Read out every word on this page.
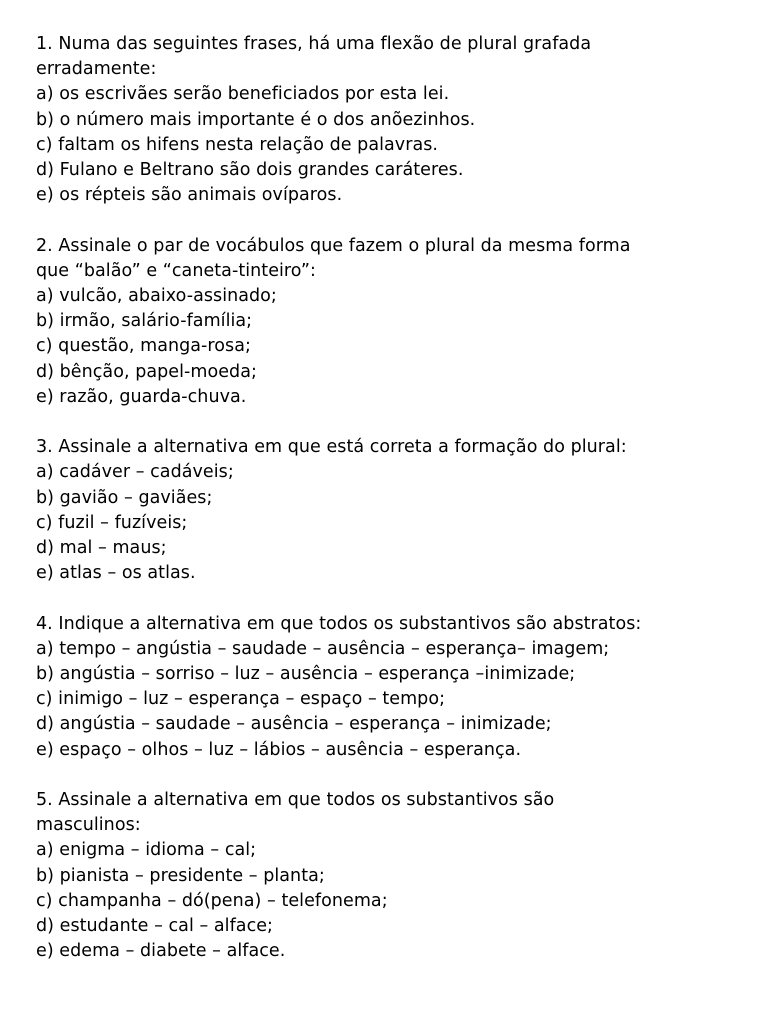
1. Numa das seguintes frases, há uma flexão de plural grafada
erradamente:
a) os escrivães serão beneficiados por esta lei.
b) o número mais importante é o dos anõezinhos.
c) faltam os hifens nesta relação de palavras.
d) Fulano e Beltrano são dois grandes caráteres.
e) os répteis são animais ovíparos.
2. Assinale o par de vocábulos que fazem o plural da mesma forma
que “balão” e “caneta-tinteiro”:
a) vulcão, abaixo-assinado;
b) irmão, salário-família;
c) questão, manga-rosa;
d) bênção, papel-moeda;
e) razão, guarda-chuva.
3. Assinale a alternativa em que está correta a formação do plural:
a) cadáver – cadáveis;
b) gavião – gaviães;
c) fuzil – fuzíveis;
d) mal – maus;
e) atlas – os atlas.
4. Indique a alternativa em que todos os substantivos são abstratos:
a) tempo – angústia – saudade – ausência – esperança– imagem;
b) angústia – sorriso – luz – ausência – esperança –inimizade;
c) inimigo – luz – esperança – espaço – tempo;
d) angústia – saudade – ausência – esperança – inimizade;
e) espaço – olhos – luz – lábios – ausência – esperança.
5. Assinale a alternativa em que todos os substantivos são
masculinos:
a) enigma – idioma – cal;
b) pianista – presidente – planta;
c) champanha – dó(pena) – telefonema;
d) estudante – cal – alface;
e) edema – diabete – alface.
